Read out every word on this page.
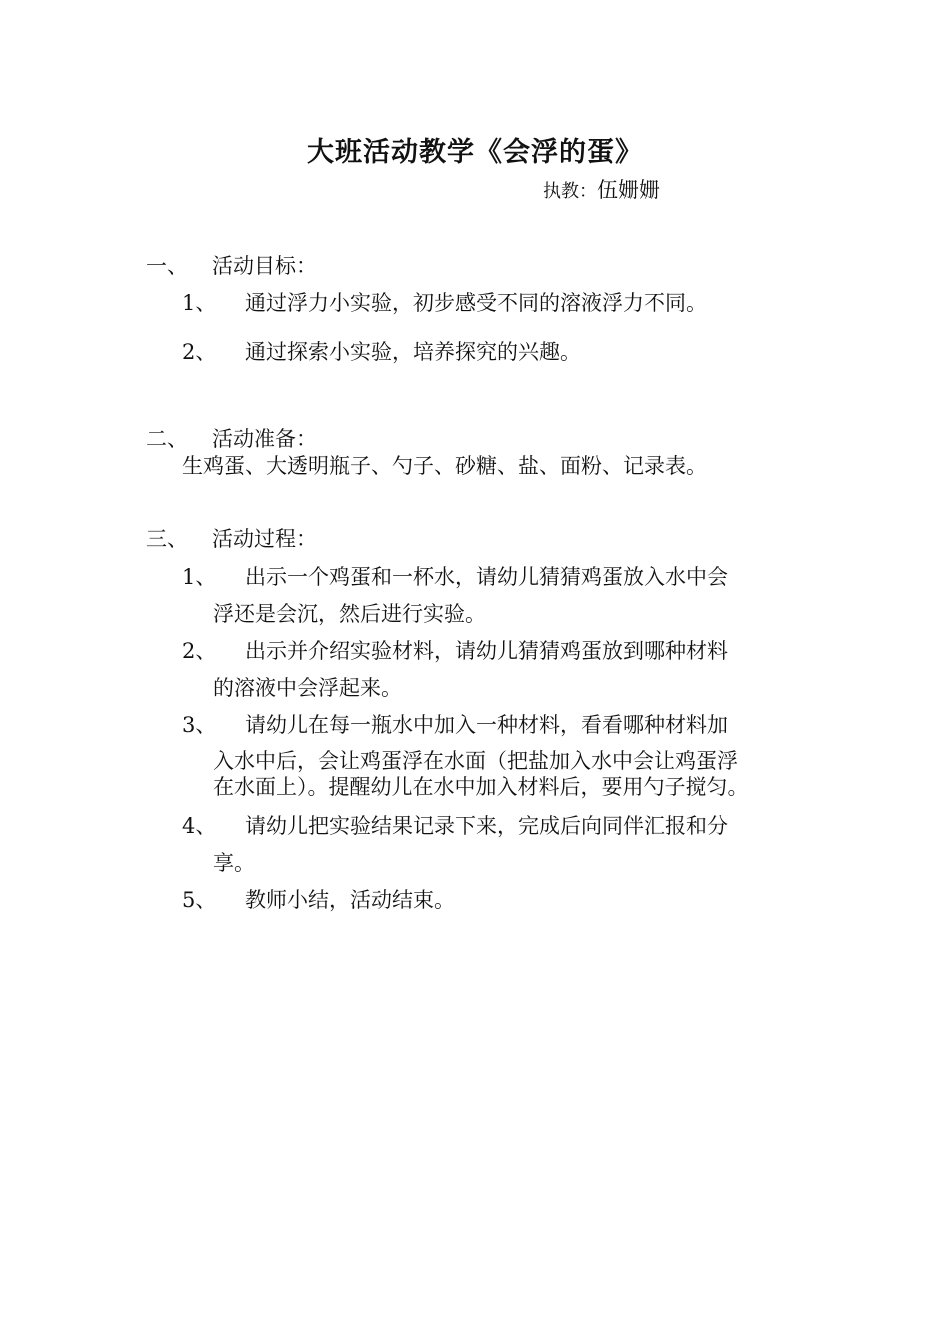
大班活动教学《会浮的蛋》
执教：伍姗姗
一、 活动目标：
1、 通过浮力小实验，初步感受不同的溶液浮力不同。
2、 通过探索小实验，培养探究的兴趣。
二、 活动准备：
生鸡蛋、大透明瓶子、勺子、砂糖、盐、面粉、记录表。
三、 活动过程：
1、 出示一个鸡蛋和一杯水，请幼儿猜猜鸡蛋放入水中会
浮还是会沉，然后进行实验。
2、 出示并介绍实验材料，请幼儿猜猜鸡蛋放到哪种材料
的溶液中会浮起来。
3、 请幼儿在每一瓶水中加入一种材料，看看哪种材料加
入水中后，会让鸡蛋浮在水面（把盐加入水中会让鸡蛋浮
在水面上）。提醒幼儿在水中加入材料后，要用勺子搅匀。
4、 请幼儿把实验结果记录下来，完成后向同伴汇报和分
享。
5、 教师小结，活动结束。
